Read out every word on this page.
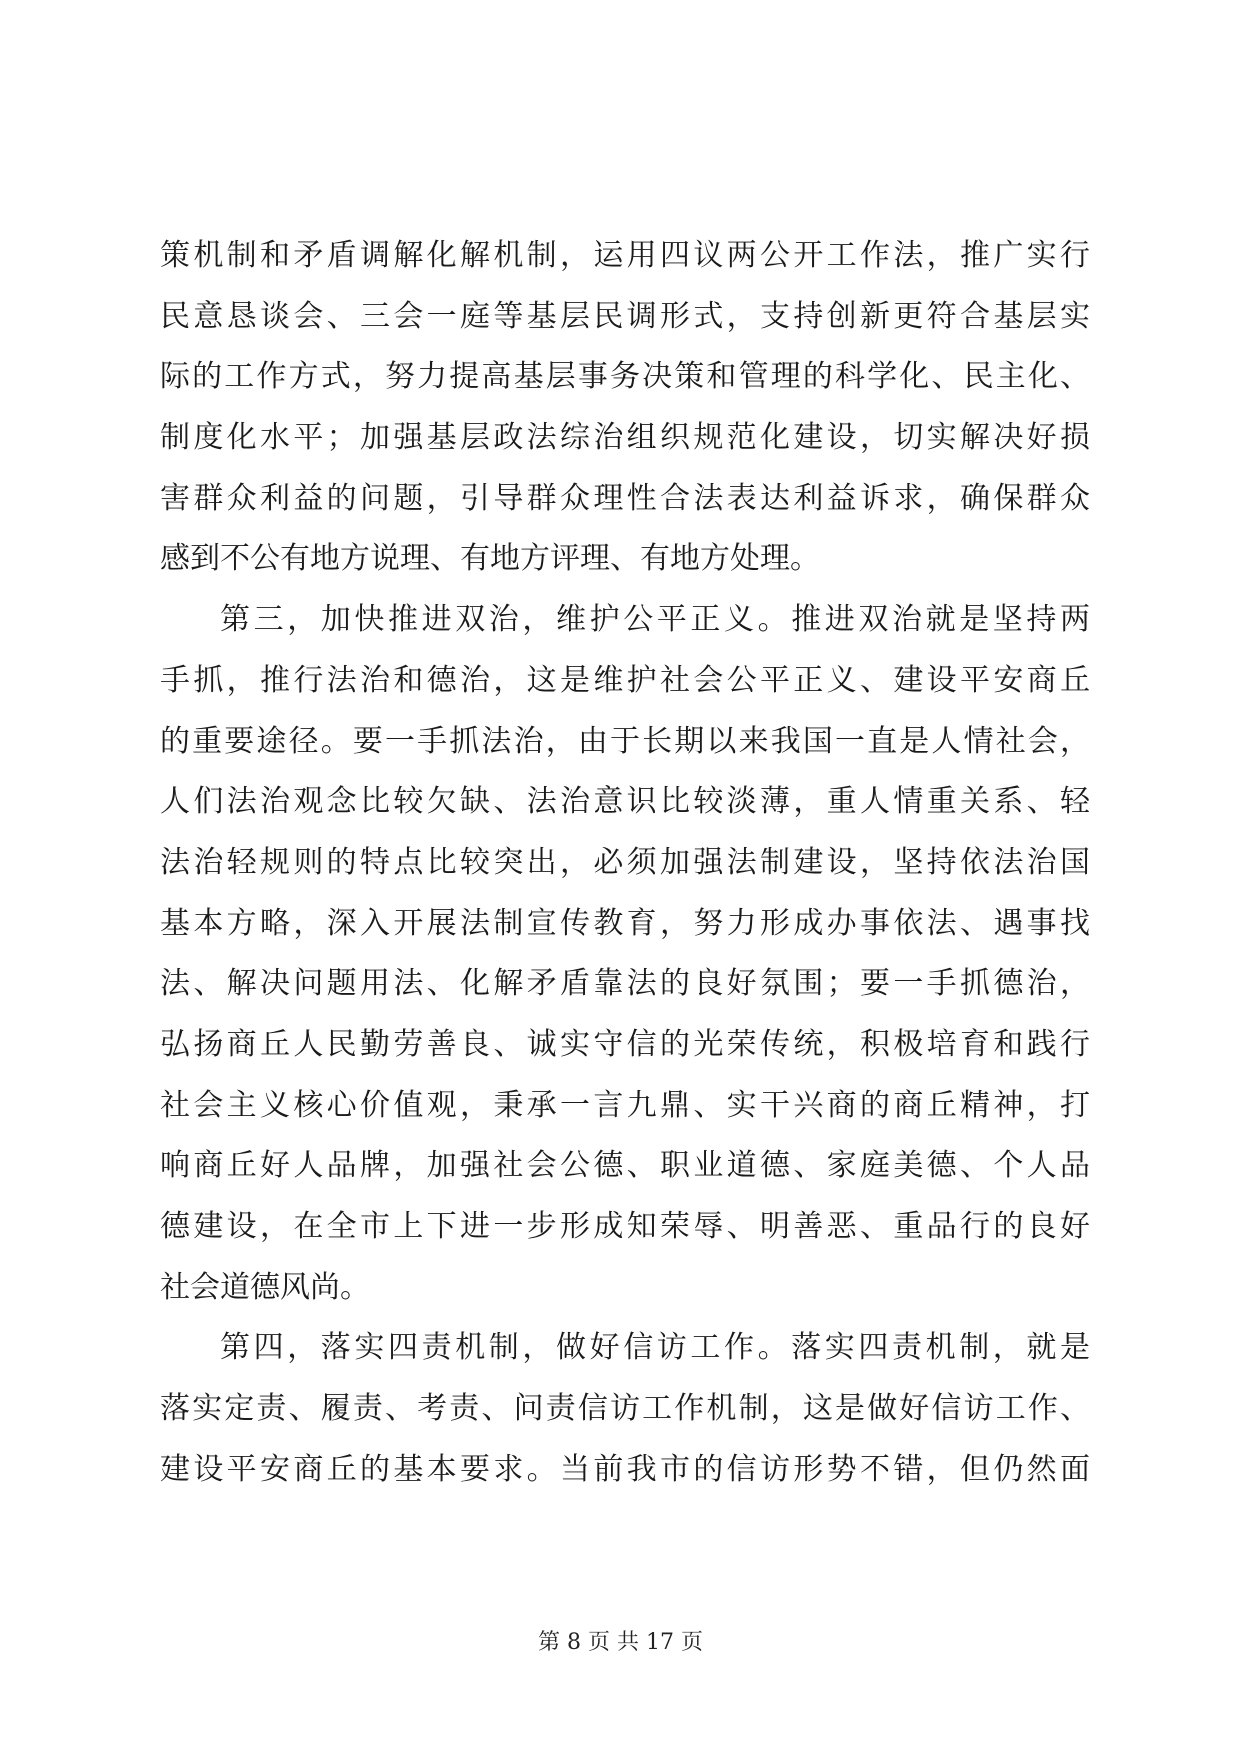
策机制和矛盾调解化解机制，运用四议两公开工作法，推广实行
民意恳谈会、三会一庭等基层民调形式，支持创新更符合基层实
际的工作方式，努力提高基层事务决策和管理的科学化、民主化、
制度化水平；加强基层政法综治组织规范化建设，切实解决好损
害群众利益的问题，引导群众理性合法表达利益诉求，确保群众
感到不公有地方说理、有地方评理、有地方处理。
第三，加快推进双治，维护公平正义。推进双治就是坚持两
手抓，推行法治和德治，这是维护社会公平正义、建设平安商丘
的重要途径。要一手抓法治，由于长期以来我国一直是人情社会，
人们法治观念比较欠缺、法治意识比较淡薄，重人情重关系、轻
法治轻规则的特点比较突出，必须加强法制建设，坚持依法治国
基本方略，深入开展法制宣传教育，努力形成办事依法、遇事找
法、解决问题用法、化解矛盾靠法的良好氛围；要一手抓德治，
弘扬商丘人民勤劳善良、诚实守信的光荣传统，积极培育和践行
社会主义核心价值观，秉承一言九鼎、实干兴商的商丘精神，打
响商丘好人品牌，加强社会公德、职业道德、家庭美德、个人品
德建设，在全市上下进一步形成知荣辱、明善恶、重品行的良好
社会道德风尚。
第四，落实四责机制，做好信访工作。落实四责机制，就是
落实定责、履责、考责、问责信访工作机制，这是做好信访工作、
建设平安商丘的基本要求。当前我市的信访形势不错，但仍然面
第 8 页 共 17 页
